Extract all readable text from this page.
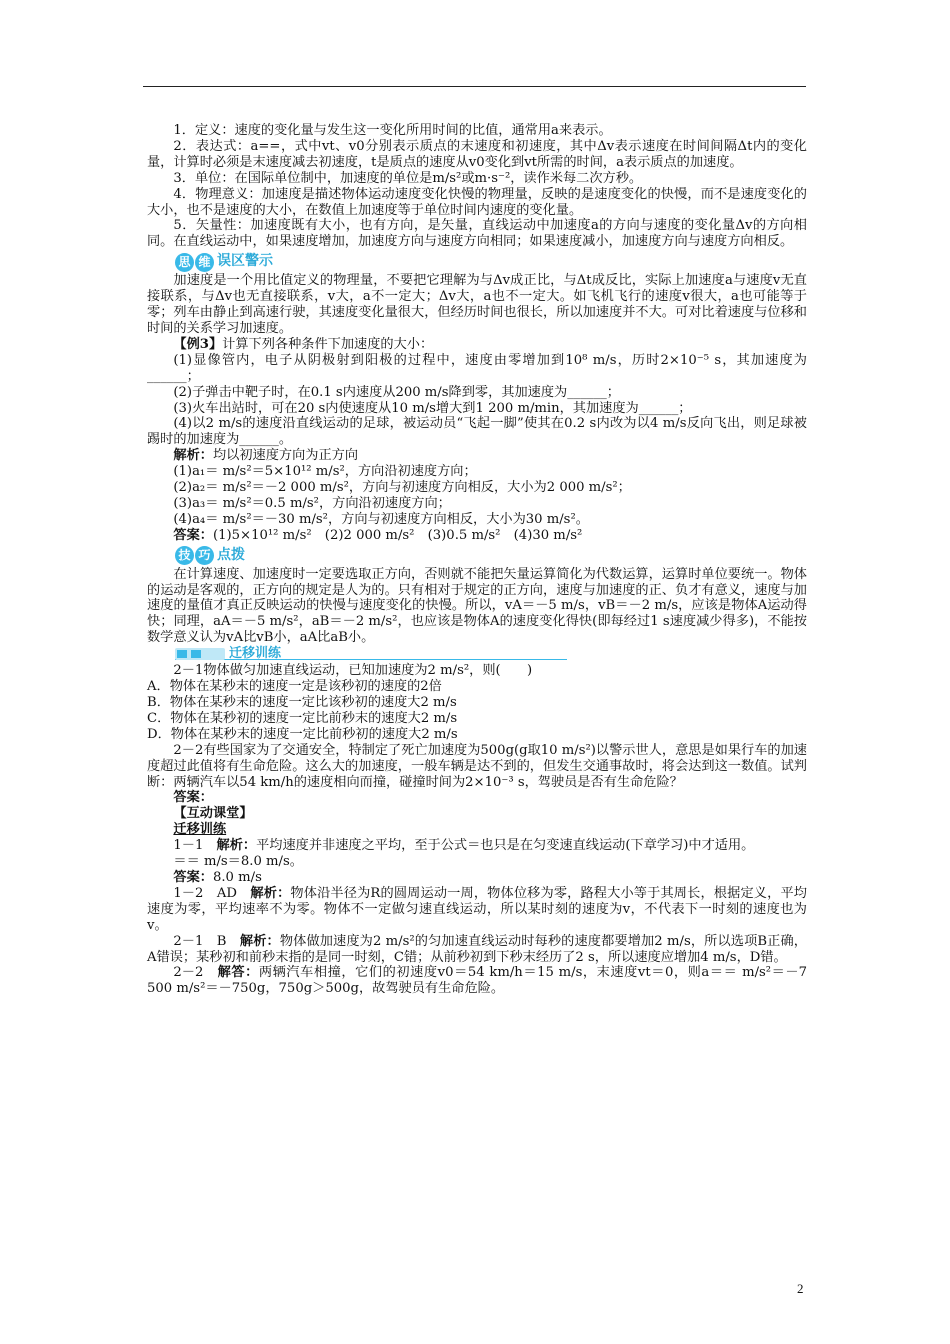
1．定义：速度的变化量与发生这一变化所用时间的比值，通常用a来表示。

2．表达式：a==，式中vt、v0分别表示质点的末速度和初速度，其中Δv表示速度在时间间隔Δt内的变化量，计算时必须是末速度减去初速度，t是质点的速度从v0变化到vt所需的时间，a表示质点的加速度。

3．单位：在国际单位制中，加速度的单位是m/s²或m·s⁻²，读作米每二次方秒。

4．物理意义：加速度是描述物体运动速度变化快慢的物理量，反映的是速度变化的快慢，而不是速度变化的大小，也不是速度的大小，在数值上加速度等于单位时间内速度的变化量。

5．矢量性：加速度既有大小，也有方向，是矢量，直线运动中加速度a的方向与速度的变化量Δv的方向相同。在直线运动中，如果速度增加，加速度方向与速度方向相同；如果速度减小，加速度方向与速度方向相反。

思 维 误区警示

加速度是一个用比值定义的物理量，不要把它理解为与Δv成正比，与Δt成反比，实际上加速度a与速度v无直接联系，与Δv也无直接联系，v大，a不一定大；Δv大，a也不一定大。如飞机飞行的速度v很大，a也可能等于零；列车由静止到高速行驶，其速度变化量很大，但经历时间也很长，所以加速度并不大。可对比着速度与位移和时间的关系学习加速度。

【例3】计算下列各种条件下加速度的大小：

(1)显像管内，电子从阴极射到阳极的过程中，速度由零增加到10⁸ m/s，历时2×10⁻⁵ s，其加速度为______；

(2)子弹击中靶子时，在0.1 s内速度从200 m/s降到零，其加速度为______；

(3)火车出站时，可在20 s内使速度从10 m/s增大到1 200 m/min，其加速度为______；

(4)以2 m/s的速度沿直线运动的足球，被运动员“飞起一脚”使其在0.2 s内改为以4 m/s反向飞出，则足球被踢时的加速度为______。

解析：均以初速度方向为正方向

(1)a₁＝ m/s²＝5×10¹² m/s²，方向沿初速度方向；

(2)a₂＝ m/s²＝－2 000 m/s²，方向与初速度方向相反，大小为2 000 m/s²；

(3)a₃＝ m/s²＝0.5 m/s²，方向沿初速度方向；

(4)a₄＝ m/s²＝－30 m/s²，方向与初速度方向相反，大小为30 m/s²。

答案：(1)5×10¹² m/s²　(2)2 000 m/s²　(3)0.5 m/s²　(4)30 m/s²

技 巧 点拨

在计算速度、加速度时一定要选取正方向，否则就不能把矢量运算简化为代数运算，运算时单位要统一。物体的运动是客观的，正方向的规定是人为的。只有相对于规定的正方向，速度与加速度的正、负才有意义，速度与加速度的量值才真正反映运动的快慢与速度变化的快慢。所以，vA＝－5 m/s，vB＝－2 m/s，应该是物体A运动得快；同理，aA＝－5 m/s²，aB＝－2 m/s²，也应该是物体A的速度变化得快(即每经过1 s速度减少得多)，不能按数学意义认为vA比vB小，aA比aB小。

迁移训练

2－1物体做匀加速直线运动，已知加速度为2 m/s²，则(　　)

A．物体在某秒末的速度一定是该秒初的速度的2倍

B．物体在某秒末的速度一定比该秒初的速度大2 m/s

C．物体在某秒初的速度一定比前秒末的速度大2 m/s

D．物体在某秒末的速度一定比前秒初的速度大2 m/s

2－2有些国家为了交通安全，特制定了死亡加速度为500g(g取10 m/s²)以警示世人，意思是如果行车的加速度超过此值将有生命危险。这么大的加速度，一般车辆是达不到的，但发生交通事故时，将会达到这一数值。试判断：两辆汽车以54 km/h的速度相向而撞，碰撞时间为2×10⁻³ s，驾驶员是否有生命危险？

答案：

【互动课堂】

迁移训练

1－1　解析：平均速度并非速度之平均，至于公式＝也只是在匀变速直线运动(下章学习)中才适用。

＝＝ m/s＝8.0 m/s。

答案：8.0 m/s

1－2　AD　解析：物体沿半径为R的圆周运动一周，物体位移为零，路程大小等于其周长，根据定义，平均速度为零，平均速率不为零。物体不一定做匀速直线运动，所以某时刻的速度为v，不代表下一时刻的速度也为v。

2－1　B　解析：物体做加速度为2 m/s²的匀加速直线运动时每秒的速度都要增加2 m/s，所以选项B正确，A错误；某秒初和前秒末指的是同一时刻，C错；从前秒初到下秒末经历了2 s，所以速度应增加4 m/s，D错。

2－2　解答：两辆汽车相撞，它们的初速度v0＝54 km/h＝15 m/s，末速度vt＝0，则a＝＝ m/s²＝－7 500 m/s²＝－750g，750g＞500g，故驾驶员有生命危险。

2
